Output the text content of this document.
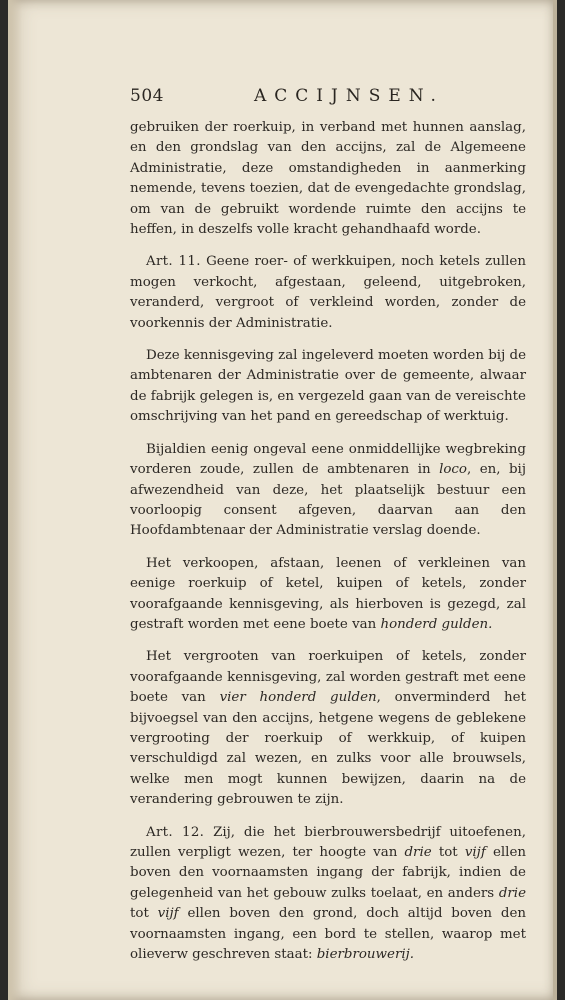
504	ACCIJNSEN.

gebruiken der roerkuip, in verband met hunnen aanslag, en den grondslag van den accijns, zal de Algemeene Administratie, deze omstandigheden in aanmerking nemende, tevens toezien, dat de evengedachte grondslag, om van de gebruikt wordende ruimte den accijns te heffen, in deszelfs volle kracht gehandhaafd worde.

Art. 11. Geene roer- of werkkuipen, noch ketels zullen mogen verkocht, afgestaan, geleend, uitgebroken, veranderd, vergroot of verkleind worden, zonder de voorkennis der Administratie.

Deze kennisgeving zal ingeleverd moeten worden bij de ambtenaren der Administratie over de gemeente, alwaar de fabrijk gelegen is, en vergezeld gaan van de vereischte omschrijving van het pand en gereedschap of werktuig.

Bijaldien eenig ongeval eene onmiddellijke wegbreking vorderen zoude, zullen de ambtenaren in loco, en, bij afwezendheid van deze, het plaatselijk bestuur een voorloopig consent afgeven, daarvan aan den Hoofdambtenaar der Administratie verslag doende.

Het verkoopen, afstaan, leenen of verkleinen van eenige roerkuip of ketel, kuipen of ketels, zonder voorafgaande kennisgeving, als hierboven is gezegd, zal gestraft worden met eene boete van honderd gulden.

Het vergrooten van roerkuipen of ketels, zonder voorafgaande kennisgeving, zal worden gestraft met eene boete van vier honderd gulden, onverminderd het bijvoegsel van den accijns, hetgene wegens de geblekene vergrooting der roerkuip of werkkuip, of kuipen verschuldigd zal wezen, en zulks voor alle brouwsels, welke men mogt kunnen bewijzen, daarin na de verandering gebrouwen te zijn.

Art. 12. Zij, die het bierbrouwersbedrijf uitoefenen, zullen verpligt wezen, ter hoogte van drie tot vijf ellen boven den voornaamsten ingang der fabrijk, indien de gelegenheid van het gebouw zulks toelaat, en anders drie tot vijf ellen boven den grond, doch altijd boven den voornaamsten ingang, een bord te stellen, waarop met olieverw geschreven staat: bierbrouwerij.
